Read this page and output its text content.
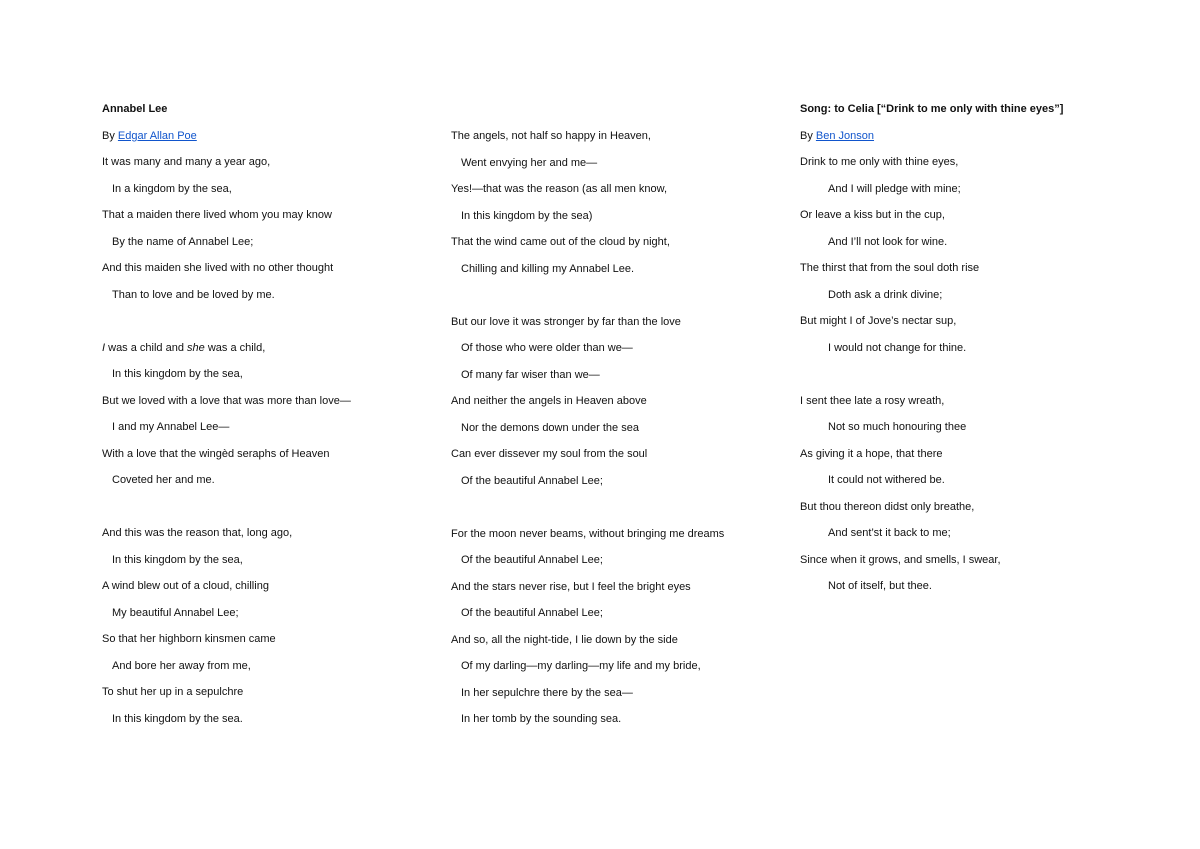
Annabel Lee
By Edgar Allan Poe
It was many and many a year ago,
In a kingdom by the sea,
That a maiden there lived whom you may know
By the name of Annabel Lee;
And this maiden she lived with no other thought
Than to love and be loved by me.
I was a child and she was a child,
In this kingdom by the sea,
But we loved with a love that was more than love—
I and my Annabel Lee—
With a love that the wingèd seraphs of Heaven
Coveted her and me.
And this was the reason that, long ago,
In this kingdom by the sea,
A wind blew out of a cloud, chilling
My beautiful Annabel Lee;
So that her highborn kinsmen came
And bore her away from me,
To shut her up in a sepulchre
In this kingdom by the sea.
The angels, not half so happy in Heaven,
Went envying her and me—
Yes!—that was the reason (as all men know,
In this kingdom by the sea)
That the wind came out of the cloud by night,
Chilling and killing my Annabel Lee.
But our love it was stronger by far than the love
Of those who were older than we—
Of many far wiser than we—
And neither the angels in Heaven above
Nor the demons down under the sea
Can ever dissever my soul from the soul
Of the beautiful Annabel Lee;
For the moon never beams, without bringing me dreams
Of the beautiful Annabel Lee;
And the stars never rise, but I feel the bright eyes
Of the beautiful Annabel Lee;
And so, all the night-tide, I lie down by the side
Of my darling—my darling—my life and my bride,
In her sepulchre there by the sea—
In her tomb by the sounding sea.
Song: to Celia [“Drink to me only with thine eyes”]
By Ben Jonson
Drink to me only with thine eyes,
And I will pledge with mine;
Or leave a kiss but in the cup,
And I’ll not look for wine.
The thirst that from the soul doth rise
Doth ask a drink divine;
But might I of Jove’s nectar sup,
I would not change for thine.
I sent thee late a rosy wreath,
Not so much honouring thee
As giving it a hope, that there
It could not withered be.
But thou thereon didst only breathe,
And sent’st it back to me;
Since when it grows, and smells, I swear,
Not of itself, but thee.
